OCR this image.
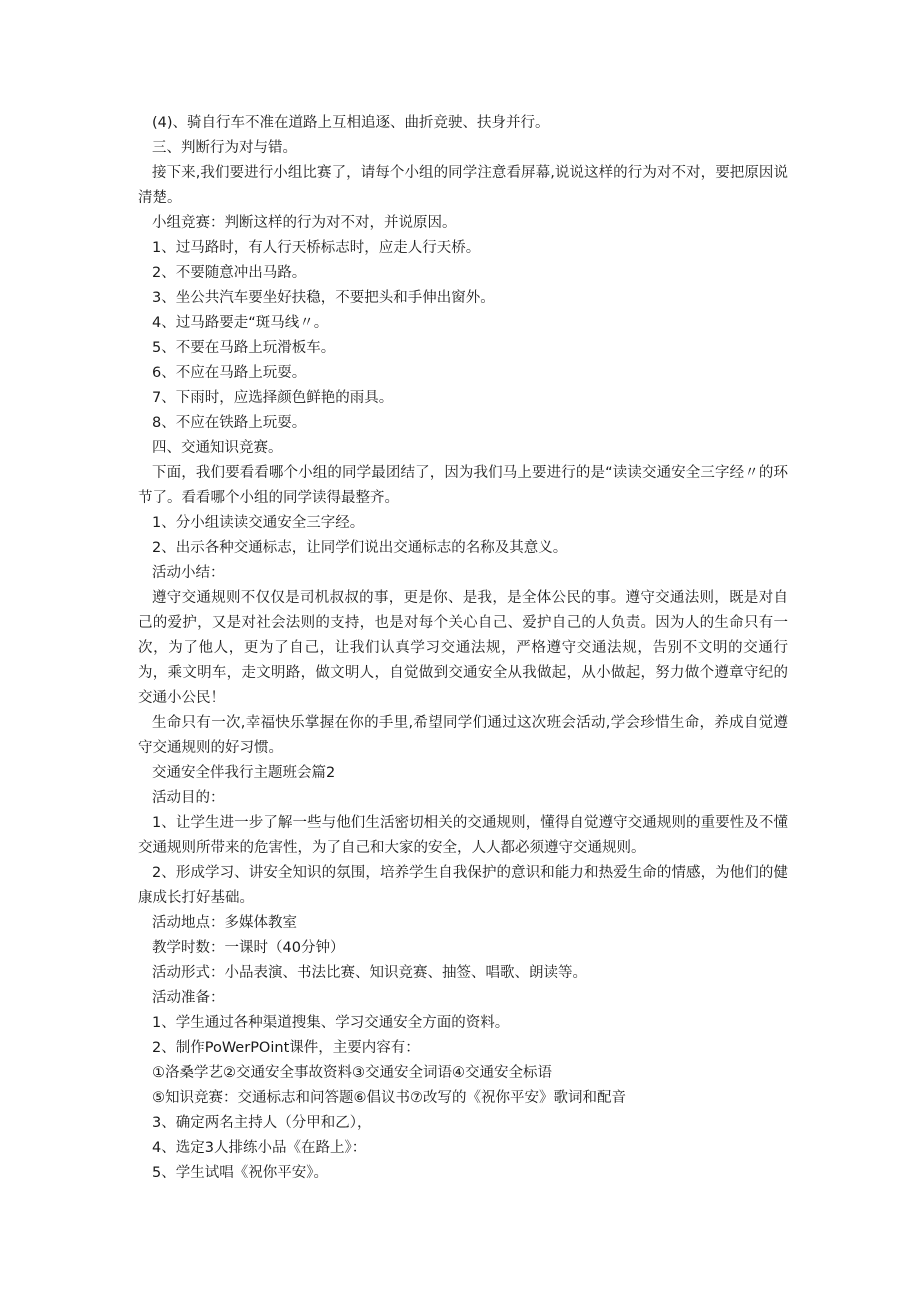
(4)、骑自行车不准在道路上互相追逐、曲折竞驶、扶身并行。

三、判断行为对与错。

接下来,我们要进行小组比赛了，请每个小组的同学注意看屏幕,说说这样的行为对不对，要把原因说清楚。

小组竞赛：判断这样的行为对不对，并说原因。

1、过马路时，有人行天桥标志时，应走人行天桥。

2、不要随意冲出马路。

3、坐公共汽车要坐好扶稳，不要把头和手伸出窗外。

4、过马路要走“斑马线〃。

5、不要在马路上玩滑板车。

6、不应在马路上玩耍。

7、下雨时，应选择颜色鲜艳的雨具。

8、不应在铁路上玩耍。

四、交通知识竞赛。

下面，我们要看看哪个小组的同学最团结了，因为我们马上要进行的是“读读交通安全三字经〃的环节了。看看哪个小组的同学读得最整齐。

1、分小组读读交通安全三字经。

2、出示各种交通标志，让同学们说出交通标志的名称及其意义。

活动小结：

遵守交通规则不仅仅是司机叔叔的事，更是你、是我，是全体公民的事。遵守交通法则，既是对自己的爱护，又是对社会法则的支持，也是对每个关心自己、爱护自己的人负责。因为人的生命只有一次，为了他人，更为了自己，让我们认真学习交通法规，严格遵守交通法规，告别不文明的交通行为，乘文明车，走文明路，做文明人，自觉做到交通安全从我做起，从小做起，努力做个遵章守纪的交通小公民！

生命只有一次,幸福快乐掌握在你的手里,希望同学们通过这次班会活动,学会珍惜生命，养成自觉遵守交通规则的好习惯。

交通安全伴我行主题班会篇2

活动目的：

1、让学生进一步了解一些与他们生活密切相关的交通规则，懂得自觉遵守交通规则的重要性及不懂交通规则所带来的危害性，为了自己和大家的安全，人人都必须遵守交通规则。

2、形成学习、讲安全知识的氛围，培养学生自我保护的意识和能力和热爱生命的情感，为他们的健康成长打好基础。

活动地点：多媒体教室

教学时数：一课时（40分钟）

活动形式：小品表演、书法比赛、知识竞赛、抽签、唱歌、朗读等。

活动准备：

1、学生通过各种渠道搜集、学习交通安全方面的资料。

2、制作PoWerPOint课件，主要内容有：

①洛桑学艺②交通安全事故资料③交通安全词语④交通安全标语

⑤知识竞赛：交通标志和问答题⑥倡议书⑦改写的《祝你平安》歌词和配音

3、确定两名主持人（分甲和乙），

4、选定3人排练小品《在路上》：

5、学生试唱《祝你平安》。
